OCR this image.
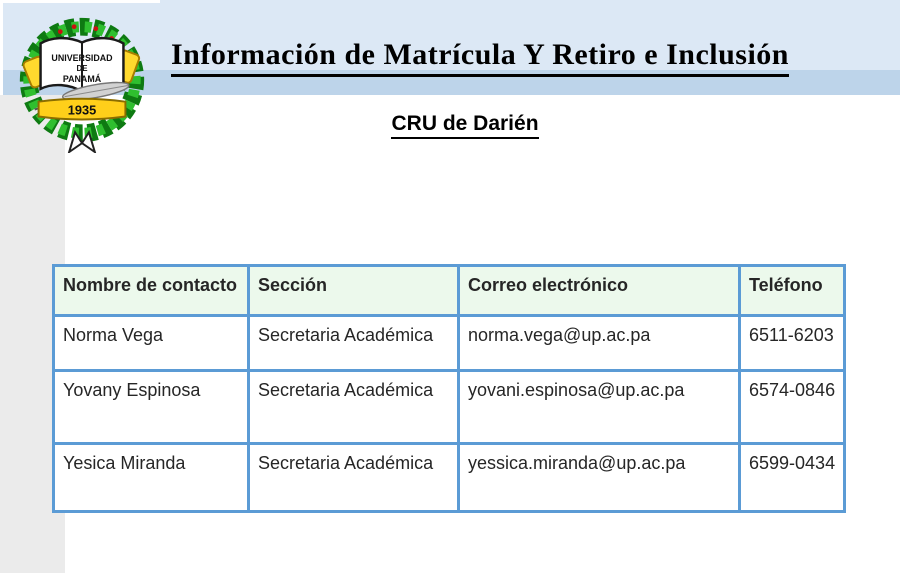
UNIVERSIDAD
DE
PANAMÁ
1935
Información de Matrícula Y Retiro e Inclusión
CRU de Darién
Nombre de contacto	Sección	Correo electrónico	Teléfono
Norma Vega	Secretaria Académica	norma.vega@up.ac.pa	6511-6203
Yovany Espinosa	Secretaria Académica	yovani.espinosa@up.ac.pa	6574-0846
Yesica Miranda	Secretaria Académica	yessica.miranda@up.ac.pa	6599-0434
